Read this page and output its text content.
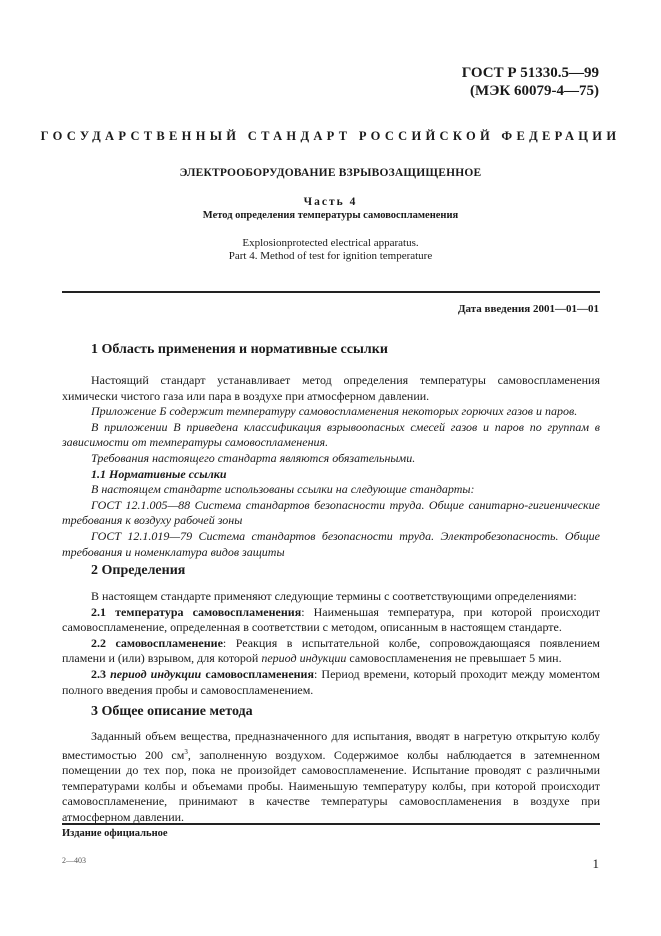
ГОСТ Р 51330.5—99
(МЭК 60079-4—75)
ГОСУДАРСТВЕННЫЙ СТАНДАРТ РОССИЙСКОЙ ФЕДЕРАЦИИ
ЭЛЕКТРООБОРУДОВАНИЕ ВЗРЫВОЗАЩИЩЕННОЕ
Часть 4
Метод определения температуры самовоспламенения
Explosionprotected electrical apparatus.
Part 4. Method of test for ignition temperature
Дата введения 2001—01—01
1 Область применения и нормативные ссылки

Настоящий стандарт устанавливает метод определения температуры самовоспламенения химически чистого газа или пара в воздухе при атмосферном давлении.

Приложение Б содержит температуру самовоспламенения некоторых горючих газов и паров.

В приложении В приведена классификация взрывоопасных смесей газов и паров по группам в зависимости от температуры самовоспламенения.

Требования настоящего стандарта являются обязательными.

1.1 Нормативные ссылки

В настоящем стандарте использованы ссылки на следующие стандарты:

ГОСТ 12.1.005—88 Система стандартов безопасности труда. Общие санитарно-гигиенические требования к воздуху рабочей зоны

ГОСТ 12.1.019—79 Система стандартов безопасности труда. Электробезопасность. Общие требования и номенклатура видов защиты

2 Определения

В настоящем стандарте применяют следующие термины с соответствующими определениями:

2.1 температура самовоспламенения: Наименьшая температура, при которой происходит самовоспламенение, определенная в соответствии с методом, описанным в настоящем стандарте.

2.2 самовоспламенение: Реакция в испытательной колбе, сопровождающаяся появлением пламени и (или) взрывом, для которой период индукции самовоспламенения не превышает 5 мин.

2.3 период индукции самовоспламенения: Период времени, который проходит между моментом полного введения пробы и самовоспламенением.

3 Общее описание метода

Заданный объем вещества, предназначенного для испытания, вводят в нагретую открытую колбу вместимостью 200 $см^3$, заполненную воздухом. Содержимое колбы наблюдается в затемненном помещении до тех пор, пока не произойдет самовоспламенение. Испытание проводят с различными температурами колбы и объемами пробы. Наименьшую температуру колбы, при которой происходит самовоспламенение, принимают в качестве температуры самовоспламенения в воздухе при атмосферном давлении.

Издание официальное
2—403	1
